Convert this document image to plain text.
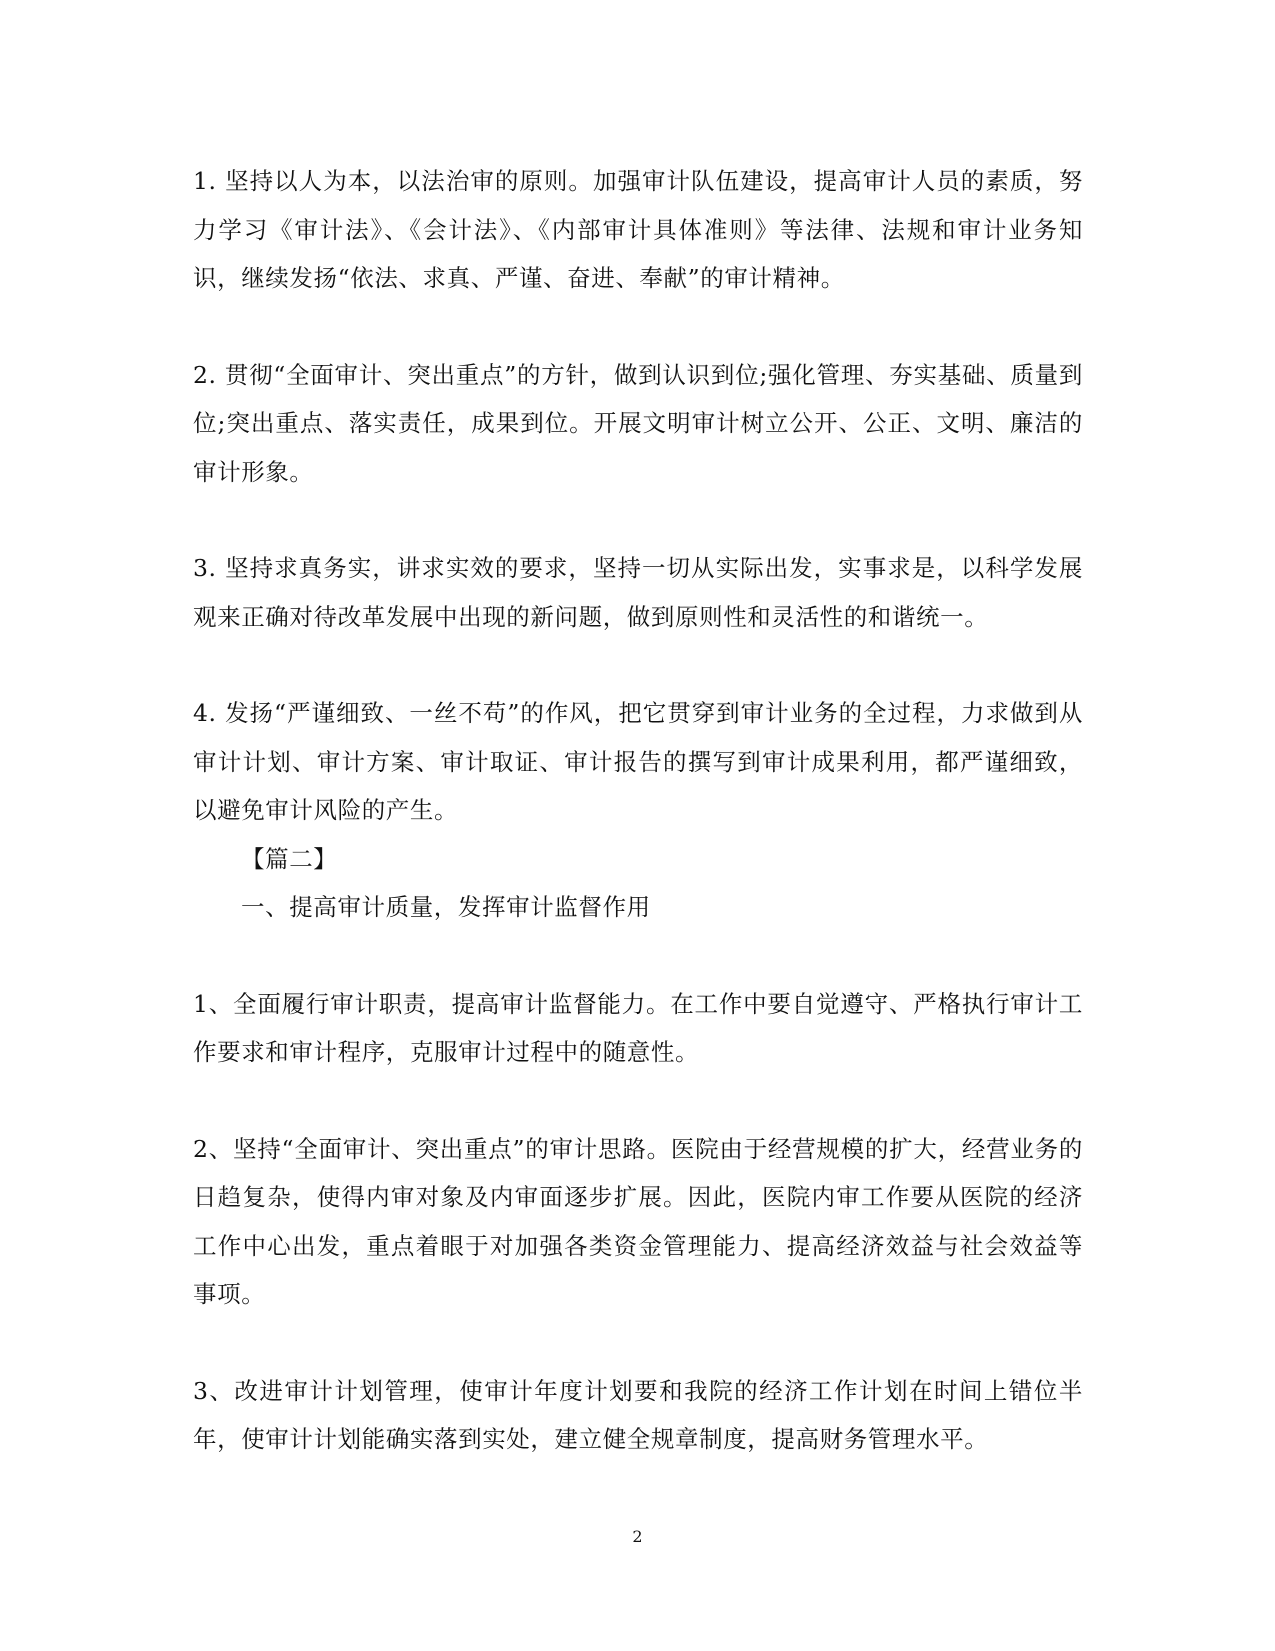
1. 坚持以人为本，以法治审的原则。加强审计队伍建设，提高审计人员的素质，努力学习《审计法》、《会计法》、《内部审计具体准则》等法律、法规和审计业务知识，继续发扬“依法、求真、严谨、奋进、奉献”的审计精神。

2. 贯彻“全面审计、突出重点”的方针，做到认识到位;强化管理、夯实基础、质量到位;突出重点、落实责任，成果到位。开展文明审计树立公开、公正、文明、廉洁的审计形象。

3. 坚持求真务实，讲求实效的要求，坚持一切从实际出发，实事求是，以科学发展观来正确对待改革发展中出现的新问题，做到原则性和灵活性的和谐统一。

4. 发扬“严谨细致、一丝不苟”的作风，把它贯穿到审计业务的全过程，力求做到从审计计划、审计方案、审计取证、审计报告的撰写到审计成果利用，都严谨细致，以避免审计风险的产生。

【篇二】

一、提高审计质量，发挥审计监督作用

1、全面履行审计职责，提高审计监督能力。在工作中要自觉遵守、严格执行审计工作要求和审计程序，克服审计过程中的随意性。

2、坚持“全面审计、突出重点”的审计思路。医院由于经营规模的扩大，经营业务的日趋复杂，使得内审对象及内审面逐步扩展。因此，医院内审工作要从医院的经济工作中心出发，重点着眼于对加强各类资金管理能力、提高经济效益与社会效益等事项。

3、改进审计计划管理，使审计年度计划要和我院的经济工作计划在时间上错位半年，使审计计划能确实落到实处，建立健全规章制度，提高财务管理水平。

2
